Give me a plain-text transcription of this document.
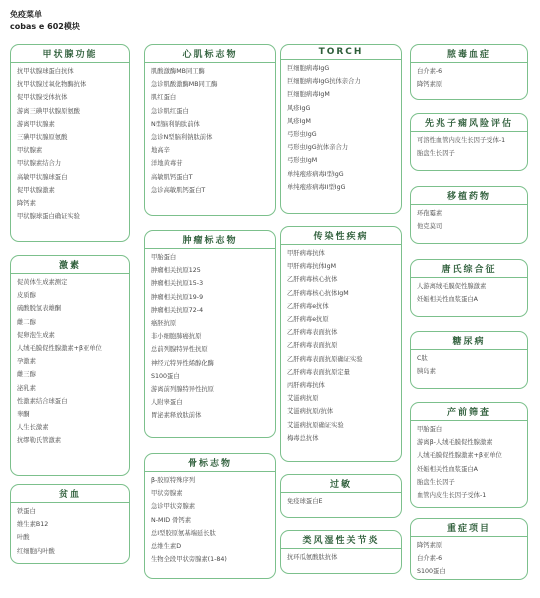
免疫菜单
cobas e 602模块
甲状腺功能
抗甲状腺球蛋白抗体
抗甲状腺过氧化物酶抗体
促甲状腺受体抗体
游离三碘甲状腺原氨酸
游离甲状腺素
三碘甲状腺原氨酸
甲状腺素
甲状腺素结合力
高敏甲状腺球蛋白
促甲状腺激素
降钙素
甲状腺球蛋白确证实验
激素
促黄体生成素测定
皮质醇
硫酸脱氢表雄酮
雌二醇
促卵泡生成素
人绒毛膜促性腺激素+β亚单位
孕激素
雌三醇
泌乳素
性激素结合球蛋白
睾酮
人生长激素
抗缪勒氏管激素
贫血
铁蛋白
维生素B12
叶酸
红细胞内叶酸
心肌标志物
肌酸激酶MB同工酶
急诊肌酸激酶MB同工酶
肌红蛋白
急诊肌红蛋白
N型脑利钠肽前体
急诊N型脑利钠肽前体
地高辛
洋地黄毒苷
高敏肌钙蛋白T
急诊高敏肌钙蛋白T
肿瘤标志物
甲胎蛋白
肿瘤相关抗原125
肿瘤相关抗原15-3
肿瘤相关抗原19-9
肿瘤相关抗原72-4
癌胚抗原
非小细胞肺癌抗原
总前列腺特异性抗原
神经元特异性烯醇化酶
S100蛋白
游离前列腺特异性抗原
人附睾蛋白
胃泌素释放肽前体
骨标志物
β-胶原特殊序列
甲状旁腺素
急诊甲状旁腺素
N-MID 骨钙素
总I型胶原氨基端延长肽
总维生素D
生物全段甲状旁腺素(1-84)
TORCH
巨细胞病毒IgG
巨细胞病毒IgG抗体亲合力
巨细胞病毒IgM
风疹IgG
风疹IgM
弓形虫IgG
弓形虫IgG抗体亲合力
弓形虫IgM
单纯疱疹病毒I型IgG
单纯疱疹病毒II型IgG
传染性疾病
甲肝病毒抗体
甲肝病毒抗体IgM
乙肝病毒核心抗体
乙肝病毒核心抗体IgM
乙肝病毒e抗体
乙肝病毒e抗原
乙肝病毒表面抗体
乙肝病毒表面抗原
乙肝病毒表面抗原确证实验
乙肝病毒表面抗原定量
丙肝病毒抗体
艾滋病抗原
艾滋病抗原/抗体
艾滋病抗原确证实验
梅毒总抗体
过敏
免疫球蛋白E
类风湿性关节炎
抗环瓜氨酸肽抗体
脓毒血症
白介素-6
降钙素原
先兆子痫风险评估
可溶性血管内皮生长因子受体-1
胎盘生长因子
移植药物
环孢霉素
他克莫司
唐氏综合征
人游离绒毛膜促性腺激素
妊娠相关性血浆蛋白A
糖尿病
C肽
胰岛素
产前筛查
甲胎蛋白
游离β-人绒毛膜促性腺激素
人绒毛膜促性腺激素+β亚单位
妊娠相关性血浆蛋白A
胎盘生长因子
血管内皮生长因子受体-1
重症项目
降钙素原
白介素-6
S100蛋白
